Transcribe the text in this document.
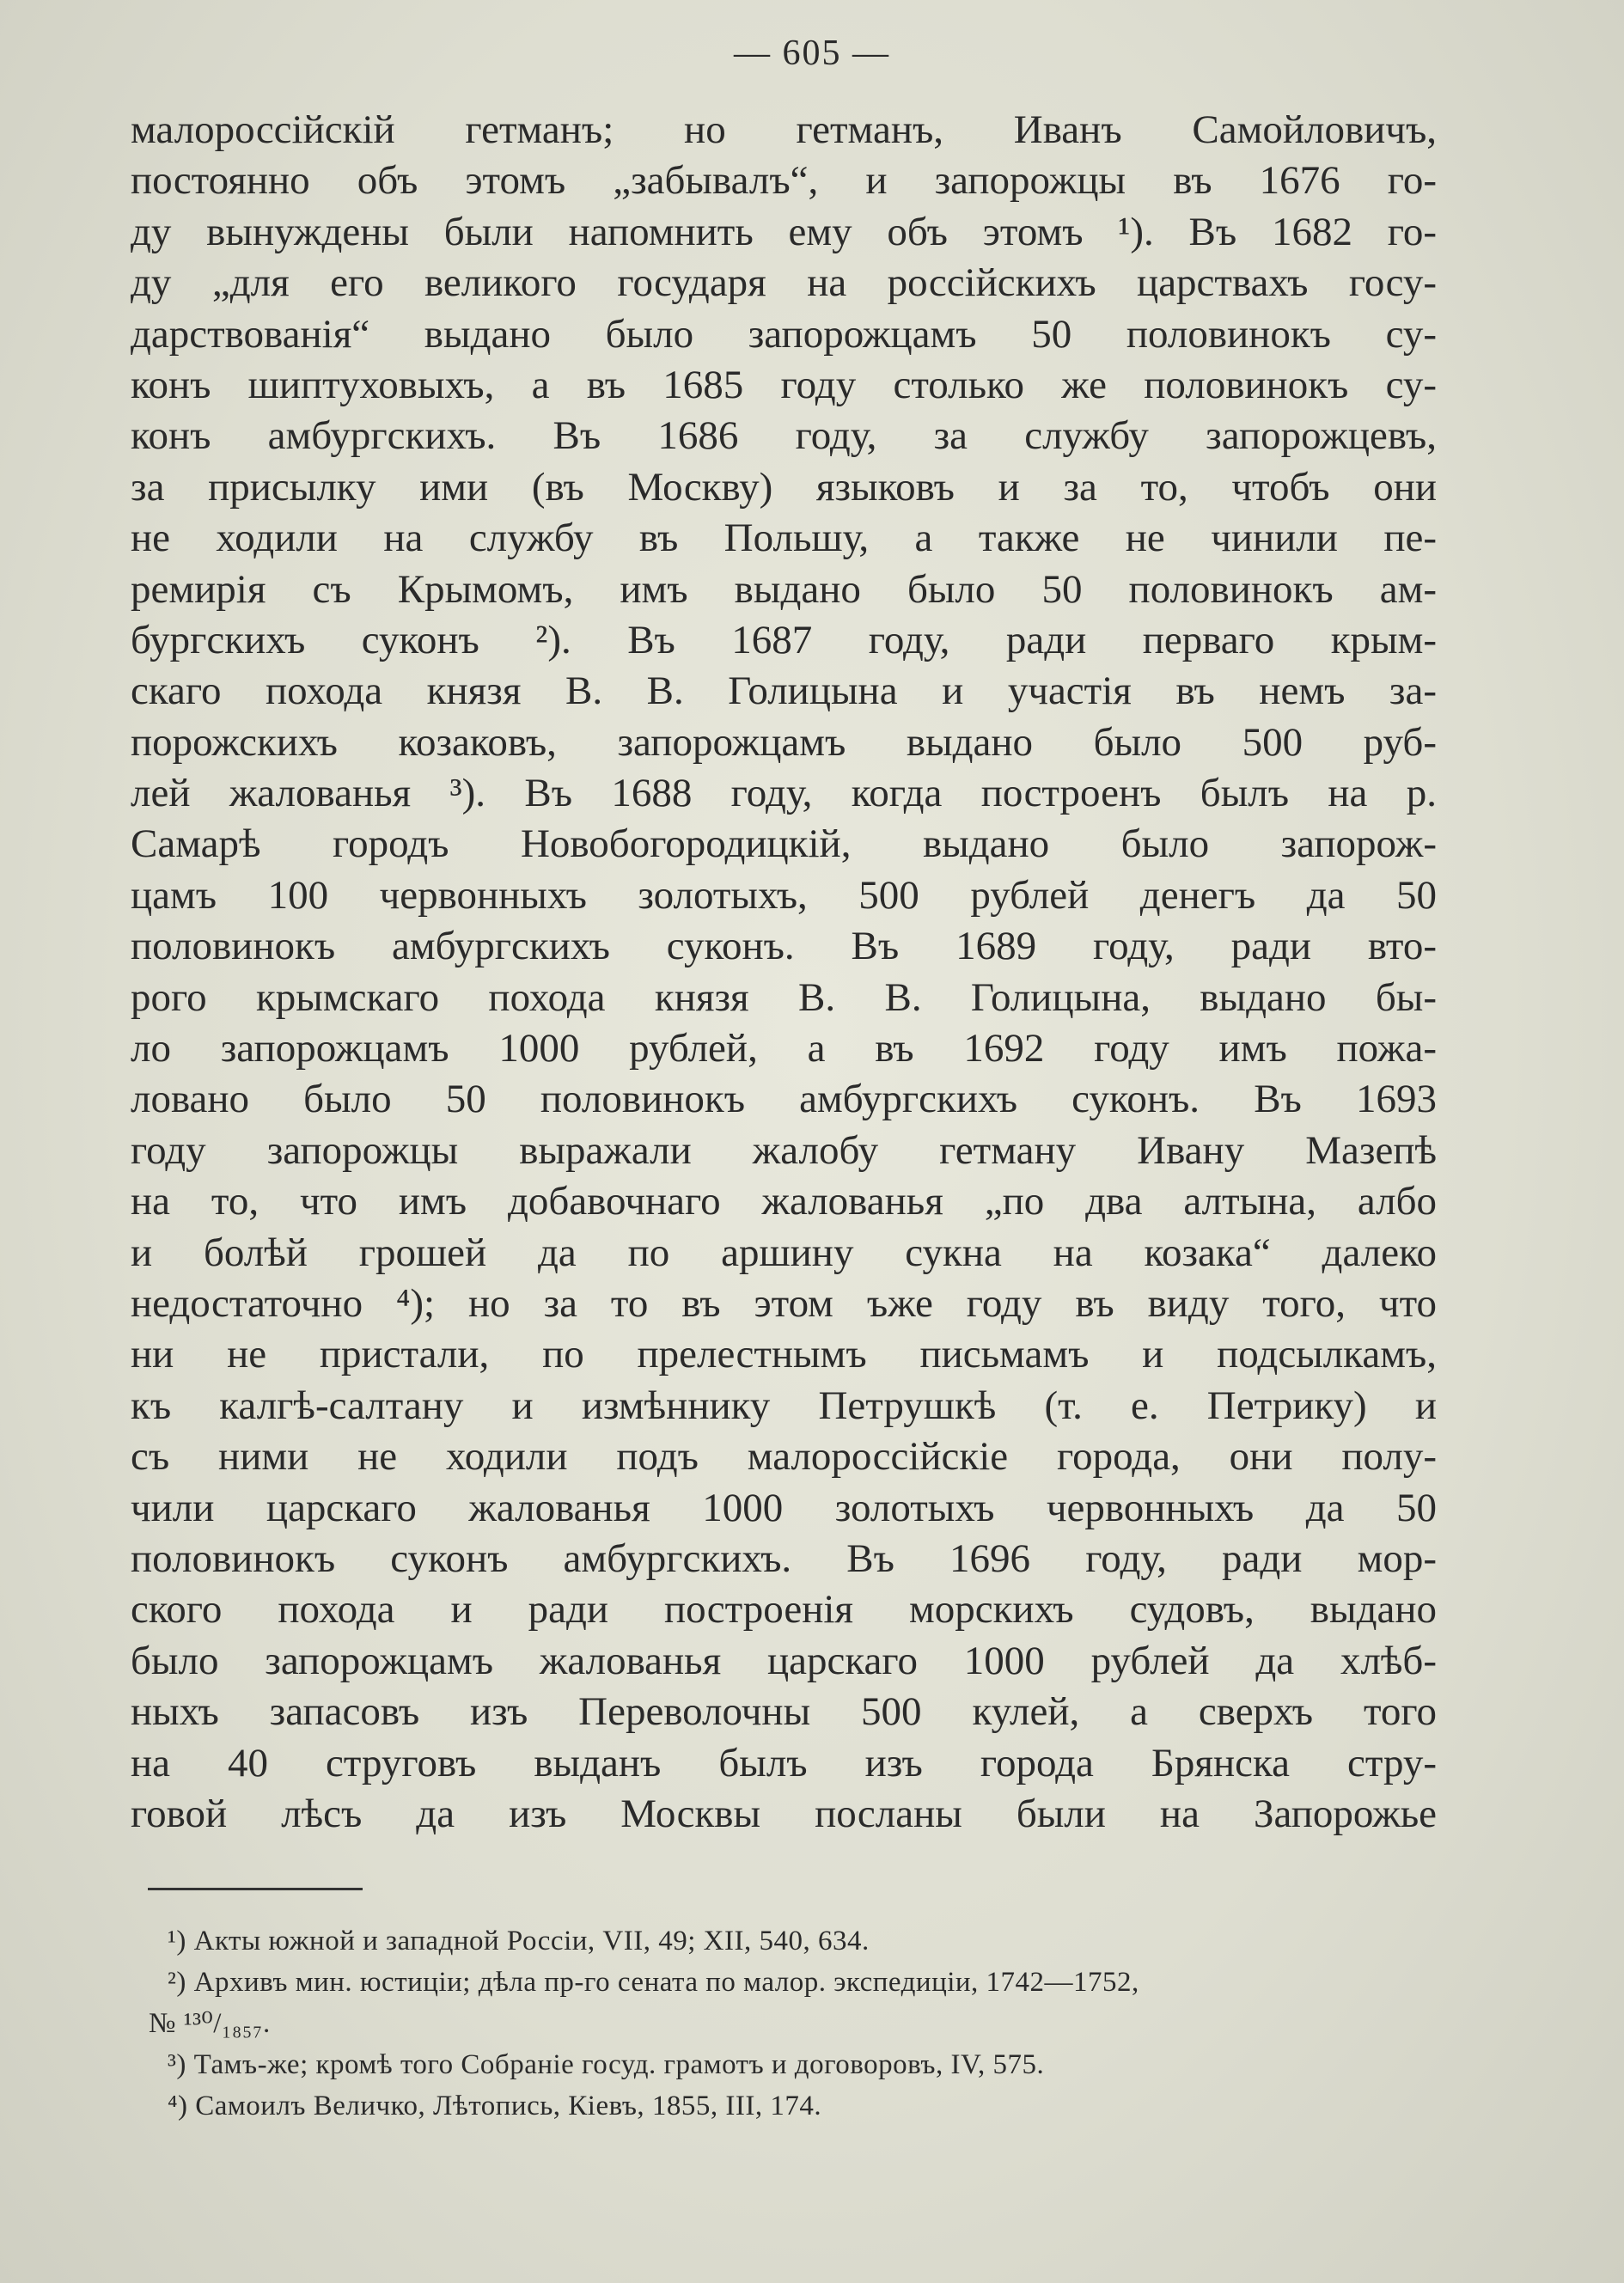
— 605 —
малороссійскій гетманъ; но гетманъ, Иванъ Самойловичъ,
постоянно объ этомъ „забывалъ“, и запорожцы въ 1676 го-
ду вынуждены были напомнить ему объ этомъ ¹). Въ 1682 го-
ду „для его великого государя на россійскихъ царствахъ госу-
дарствованія“ выдано было запорожцамъ 50 половинокъ су-
конъ шиптуховыхъ, а въ 1685 году столько же половинокъ су-
конъ амбургскихъ. Въ 1686 году, за службу запорожцевъ,
за присылку ими (въ Москву) языковъ и за то, чтобъ они
не ходили на службу въ Польшу, а также не чинили пе-
ремирія съ Крымомъ, имъ выдано было 50 половинокъ ам-
бургскихъ суконъ ²). Въ 1687 году, ради перваго крым-
скаго похода князя В. В. Голицына и участія въ немъ за-
порожскихъ козаковъ, запорожцамъ выдано было 500 руб-
лей жалованья ³). Въ 1688 году, когда построенъ былъ на р.
Самарѣ городъ Новобогородицкій, выдано было запорож-
цамъ 100 червонныхъ золотыхъ, 500 рублей денегъ да 50
половинокъ амбургскихъ суконъ. Въ 1689 году, ради вто-
рого крымскаго похода князя В. В. Голицына, выдано бы-
ло запорожцамъ 1000 рублей, а въ 1692 году имъ пожа-
ловано было 50 половинокъ амбургскихъ суконъ. Въ 1693
году запорожцы выражали жалобу гетману Ивану Мазепѣ
на то, что имъ добавочнаго жалованья „по два алтына, албо
и болѣй грошей да по аршину сукна на козака“ далеко
недостаточно ⁴); но за то въ этом ъже году въ виду того, что
ни не пристали, по прелестнымъ письмамъ и подсылкамъ,
къ калгѣ-салтану и измѣннику Петрушкѣ (т. е. Петрику) и
съ ними не ходили подъ малороссійскіе города, они полу-
чили царскаго жалованья 1000 золотыхъ червонныхъ да 50
половинокъ суконъ амбургскихъ. Въ 1696 году, ради мор-
ского похода и ради построенія морскихъ судовъ, выдано
было запорожцамъ жалованья царскаго 1000 рублей да хлѣб-
ныхъ запасовъ изъ Переволочны 500 кулей, а сверхъ того
на 40 струговъ выданъ былъ изъ города Брянска стру-
говой лѣсъ да изъ Москвы посланы были на Запорожье
¹) Акты южной и западной Россіи, VII, 49; XII, 540, 634.
²) Архивъ мин. юстиціи; дѣла пр-го сената по малор. экспедиціи, 1742—1752,
№ ¹³⁰/₁₈₅₇.
³) Тамъ-же; кромѣ того Собраніе госуд. грамотъ и договоровъ, IV, 575.
⁴) Самоилъ Величко, Лѣтопись, Кіевъ, 1855, III, 174.
